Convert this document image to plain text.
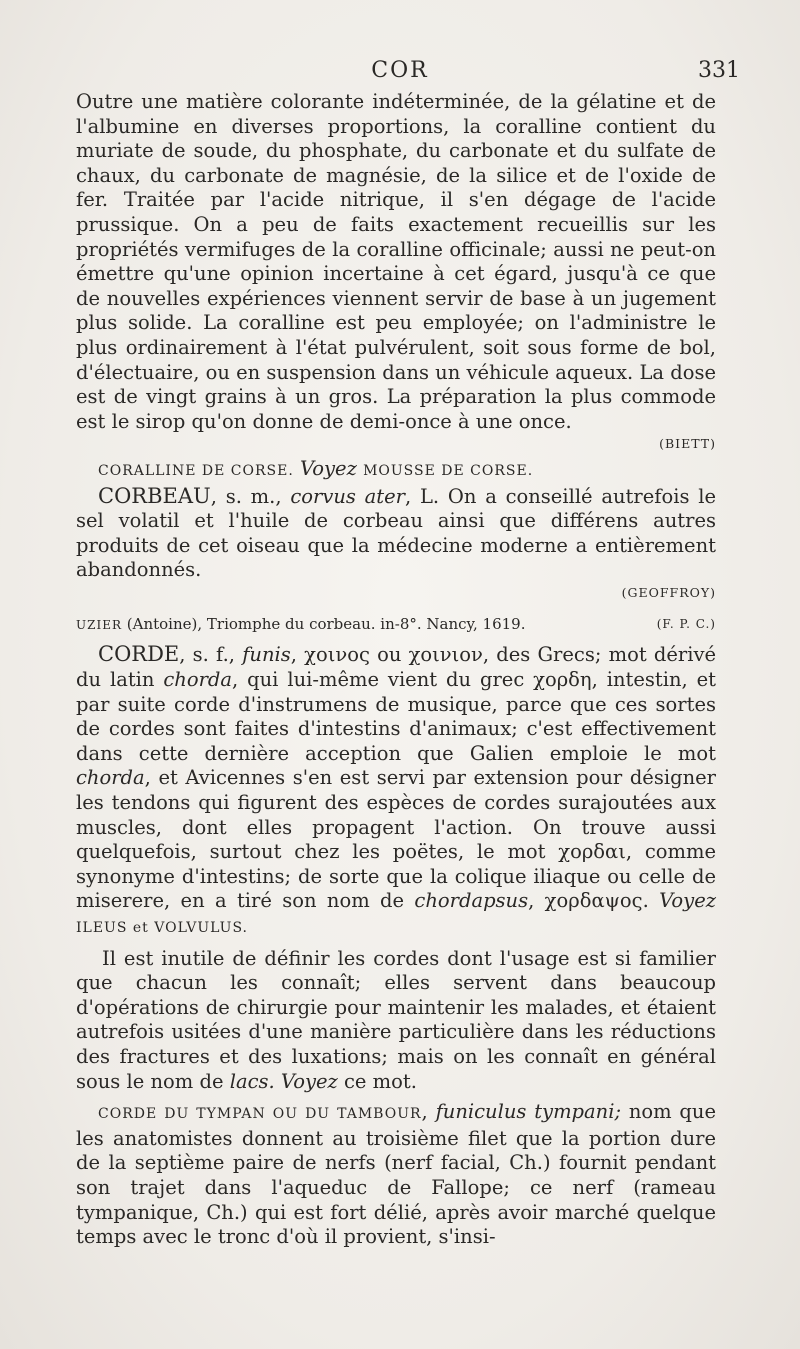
COR	331

Outre une matière colorante indéterminée, de la gélatine et de l'albumine en diverses proportions, la coralline contient du muriate de soude, du phosphate, du carbonate et du sulfate de chaux, du carbonate de magnésie, de la silice et de l'oxide de fer. Traitée par l'acide nitrique, il s'en dégage de l'acide prussique. On a peu de faits exactement recueillis sur les propriétés vermifuges de la coralline officinale; aussi ne peut-on émettre qu'une opinion incertaine à cet égard, jusqu'à ce que de nouvelles expériences viennent servir de base à un jugement plus solide. La coralline est peu employée; on l'administre le plus ordinairement à l'état pulvérulent, soit sous forme de bol, d'électuaire, ou en suspension dans un véhicule aqueux. La dose est de vingt grains à un gros. La préparation la plus commode est le sirop qu'on donne de demi-once à une once.
(BIETT)

CORALLINE DE CORSE. Voyez MOUSSE DE CORSE.

CORBEAU, s. m., corvus ater, L. On a conseillé autrefois le sel volatil et l'huile de corbeau ainsi que différens autres produits de cet oiseau que la médecine moderne a entièrement abandonnés.
(GEOFFROY)

UZIER (Antoine), Triomphe du corbeau. in-8°. Nancy, 1619.	(F. P. C.)

CORDE, s. f., funis, χοινος ou χοινιον, des Grecs; mot dérivé du latin chorda, qui lui-même vient du grec χορδη, intestin, et par suite corde d'instrumens de musique, parce que ces sortes de cordes sont faites d'intestins d'animaux; c'est effectivement dans cette dernière acception que Galien emploie le mot chorda, et Avicennes s'en est servi par extension pour désigner les tendons qui figurent des espèces de cordes surajoutées aux muscles, dont elles propagent l'action. On trouve aussi quelquefois, surtout chez les poëtes, le mot χορδαι, comme synonyme d'intestins; de sorte que la colique iliaque ou celle de miserere, en a tiré son nom de chordapsus, χορδαψος. Voyez ILEUS et VOLVULUS.

Il est inutile de définir les cordes dont l'usage est si familier que chacun les connaît; elles servent dans beaucoup d'opérations de chirurgie pour maintenir les malades, et étaient autrefois usitées d'une manière particulière dans les réductions des fractures et des luxations; mais on les connaît en général sous le nom de lacs. Voyez ce mot.

CORDE DU TYMPAN OU DU TAMBOUR, funiculus tympani; nom que les anatomistes donnent au troisième filet que la portion dure de la septième paire de nerfs (nerf facial, Ch.) fournit pendant son trajet dans l'aqueduc de Fallope; ce nerf (rameau tympanique, Ch.) qui est fort délié, après avoir marché quelque temps avec le tronc d'où il provient, s'insi-
